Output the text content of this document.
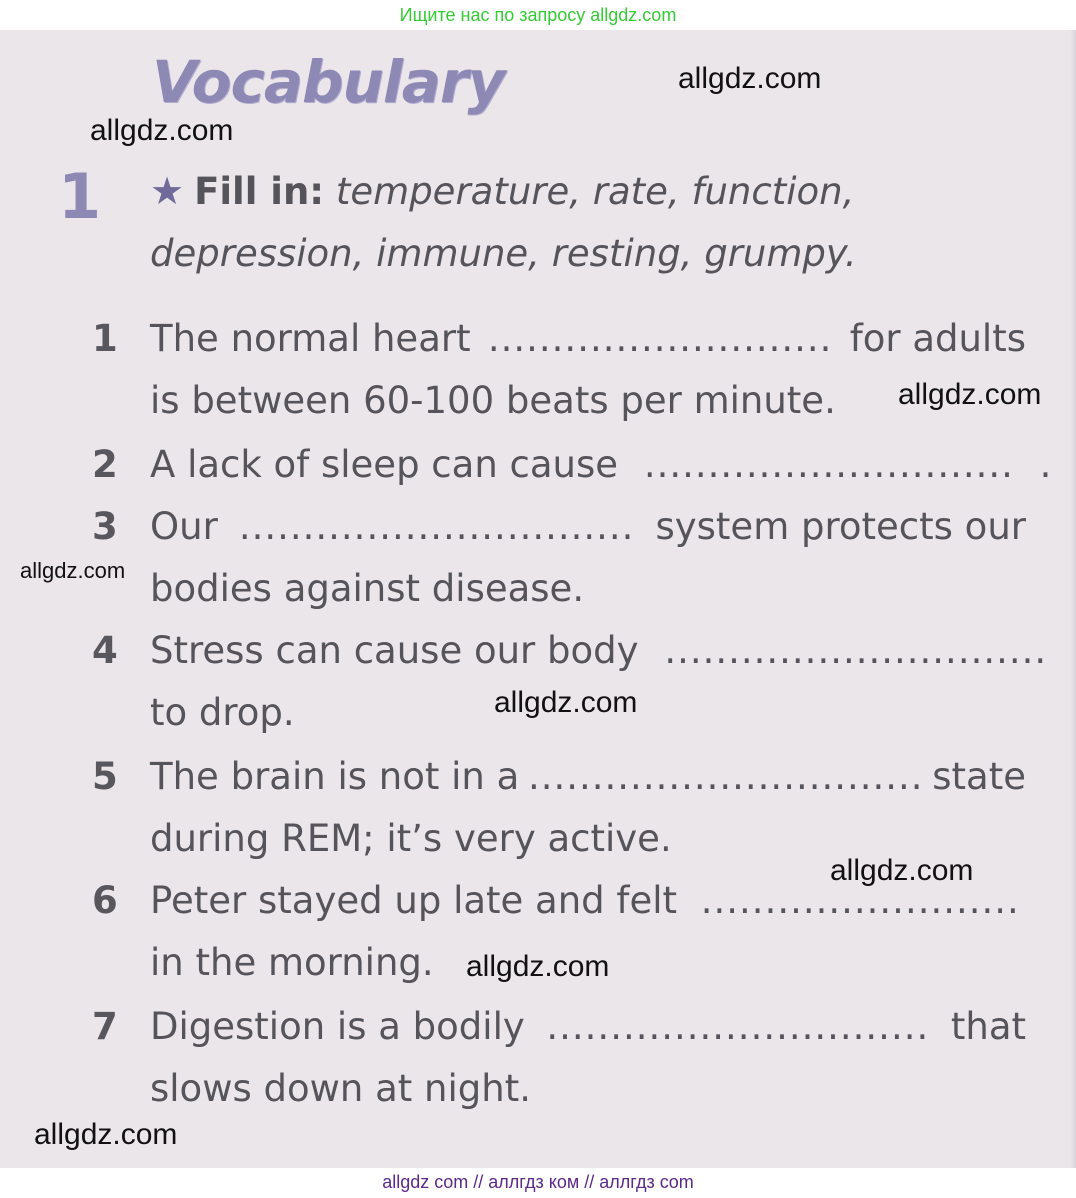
Ищите нас по запросу allgdz.com
Vocabulary
1 ★ Fill in: temperature, rate, function,
depression, immune, resting, grumpy.
1 The normal heart ........................... for adults
is between 60-100 beats per minute.
2 A lack of sleep can cause ............................. .
3 Our ............................... system protects our
bodies against disease.
4 Stress can cause our body ..............................
to drop.
5 The brain is not in a ............................... state
during REM; it’s very active.
6 Peter stayed up late and felt .........................
in the morning.
7 Digestion is a bodily .............................. that
slows down at night.
allgdz.com
allgdz.com
allgdz.com
allgdz.com
allgdz.com
allgdz.com
allgdz.com
allgdz.com
allgdz com // аллгдз ком // аллгдз com
